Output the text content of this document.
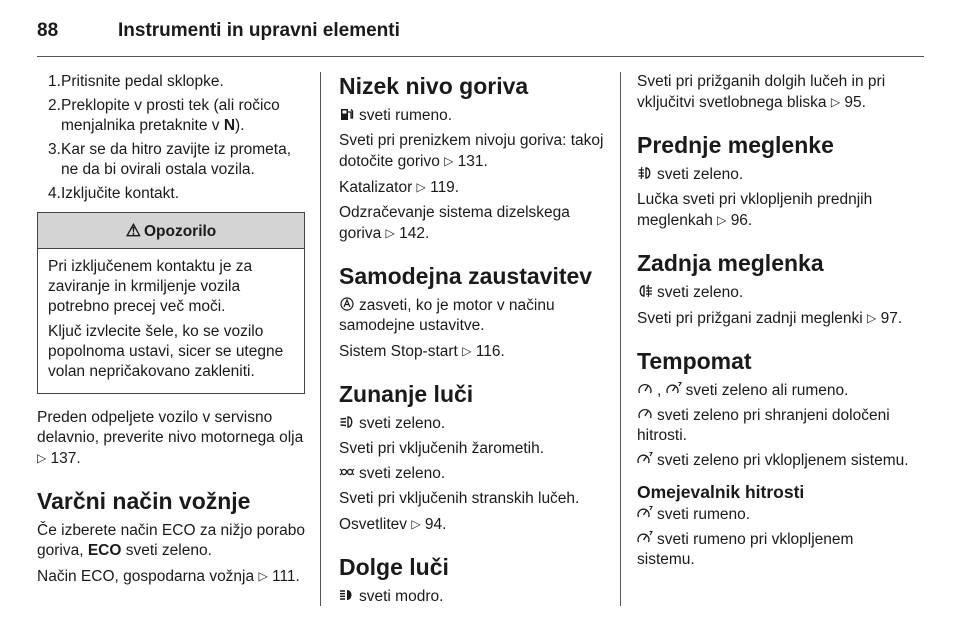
88	Instrumenti in upravni elementi
1. Pritisnite pedal sklopke.
2. Preklopite v prosti tek (ali ročico menjalnika pretaknite v N).
3. Kar se da hitro zavijte iz prometa, ne da bi ovirali ostala vozila.
4. Izključite kontakt.
⚠ Opozorilo

Pri izključenem kontaktu je za zaviranje in krmiljenje vozila potrebno precej več moči.

Ključ izvlecite šele, ko se vozilo popolnoma ustavi, sicer se utegne volan nepričakovano zakleniti.

Preden odpeljete vozilo v servisno delavnio, preverite nivo motornega olja ▷ 137.

Varčni način vožnje

Če izberete način ECO za nižjo porabo goriva, ECO sveti zeleno.

Način ECO, gospodarna vožnja ▷ 111.

Nizek nivo goriva

sveti rumeno.

Sveti pri prenizkem nivoju goriva: takoj dotočite gorivo ▷ 131.

Katalizator ▷ 119.

Odzračevanje sistema dizelskega goriva ▷ 142.

Samodejna zaustavitev

zasveti, ko je motor v načinu samodejne ustavitve.

Sistem Stop-start ▷ 116.

Zunanje luči

sveti zeleno.

Sveti pri vključenih žarometih.

sveti zeleno.

Sveti pri vključenih stranskih lučeh.

Osvetlitev ▷ 94.

Dolge luči

sveti modro.

Sveti pri prižganih dolgih lučeh in pri vključitvi svetlobnega bliska ▷ 95.

Prednje meglenke

sveti zeleno.

Lučka sveti pri vklopljenih prednjih meglenkah ▷ 96.

Zadnja meglenka

sveti zeleno.

Sveti pri prižgani zadnji meglenki ▷ 97.

Tempomat

, sveti zeleno ali rumeno.

sveti zeleno pri shranjeni določeni hitrosti.

sveti zeleno pri vklopljenem sistemu.

Omejevalnik hitrosti

sveti rumeno.

sveti rumeno pri vklopljenem sistemu.
